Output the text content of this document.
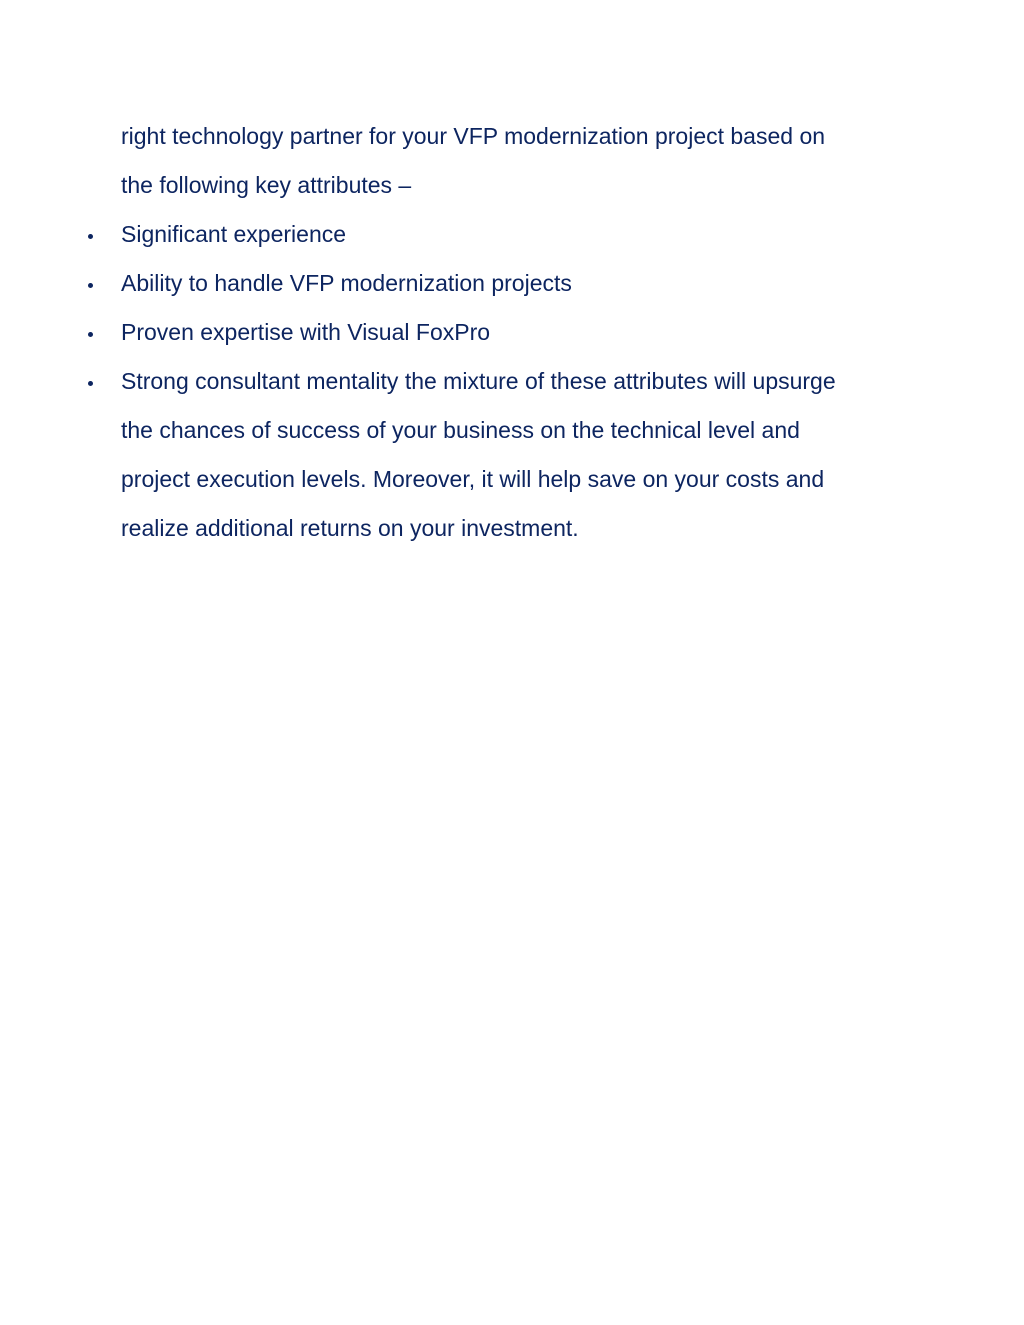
right technology partner for your VFP modernization project based on
the following key attributes –
Significant experience
Ability to handle VFP modernization projects
Proven expertise with Visual FoxPro
Strong consultant mentality the mixture of these attributes will upsurge
the chances of success of your business on the technical level and
project execution levels. Moreover, it will help save on your costs and
realize additional returns on your investment.
